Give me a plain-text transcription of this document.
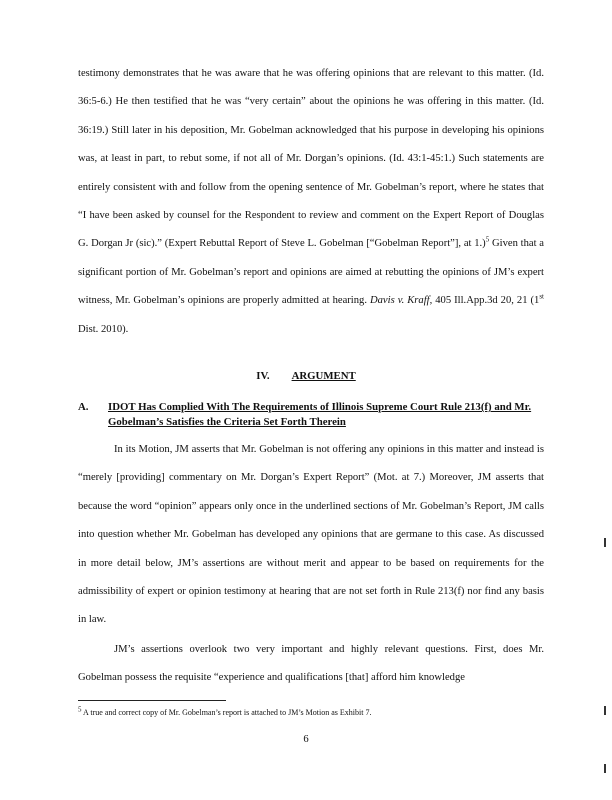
testimony demonstrates that he was aware that he was offering opinions that are relevant to this matter. (Id. 36:5-6.) He then testified that he was “very certain” about the opinions he was offering in this matter. (Id. 36:19.) Still later in his deposition, Mr. Gobelman acknowledged that his purpose in developing his opinions was, at least in part, to rebut some, if not all of Mr. Dorgan’s opinions. (Id. 43:1-45:1.) Such statements are entirely consistent with and follow from the opening sentence of Mr. Gobelman’s report, where he states that “I have been asked by counsel for the Respondent to review and comment on the Expert Report of Douglas G. Dorgan Jr (sic).” (Expert Rebuttal Report of Steve L. Gobelman [“Gobelman Report”], at 1.)$^5$ Given that a significant portion of Mr. Gobelman’s report and opinions are aimed at rebutting the opinions of JM’s expert witness, Mr. Gobelman’s opinions are properly admitted at hearing. Davis v. Kraff, 405 Ill.App.3d 20, 21 (1st Dist. 2010).
IV. ARGUMENT
A. IDOT Has Complied With The Requirements of Illinois Supreme Court Rule 213(f) and Mr. Gobelman’s Satisfies the Criteria Set Forth Therein
In its Motion, JM asserts that Mr. Gobelman is not offering any opinions in this matter and instead is “merely [providing] commentary on Mr. Dorgan’s Expert Report” (Mot. at 7.) Moreover, JM asserts that because the word “opinion” appears only once in the underlined sections of Mr. Gobelman’s Report, JM calls into question whether Mr. Gobelman has developed any opinions that are germane to this case. As discussed in more detail below, JM’s assertions are without merit and appear to be based on requirements for the admissibility of expert or opinion testimony at hearing that are not set forth in Rule 213(f) nor find any basis in law.
JM’s assertions overlook two very important and highly relevant questions. First, does Mr. Gobelman possess the requisite “experience and qualifications [that] afford him knowledge
$^5$ A true and correct copy of Mr. Gobelman’s report is attached to JM’s Motion as Exhibit 7.
6
